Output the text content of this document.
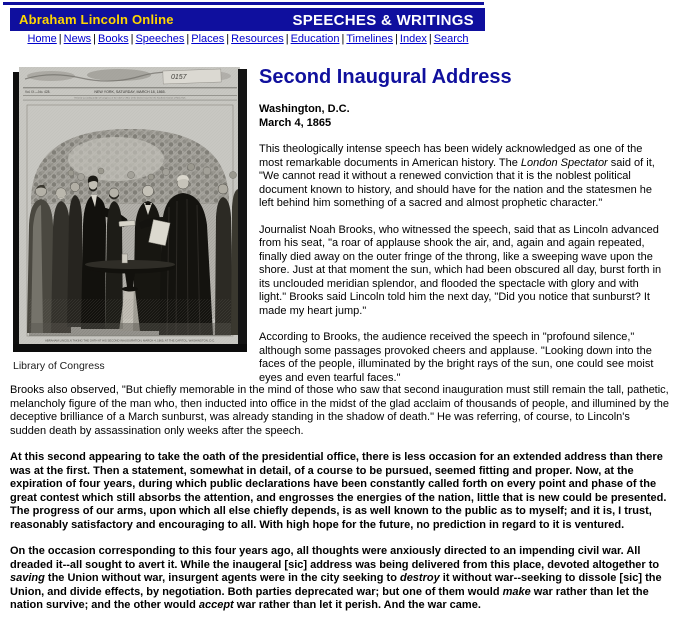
Abraham Lincoln Online	SPEECHES & WRITINGS
Home | News | Books | Speeches | Places | Resources | Education | Timelines | Index | Search
0157
Vol. IX.—No. 428.	NEW YORK, SATURDAY, MARCH 18, 1865.
Entered according to Act of Congress in the Clerk's Office of the District Court for the Southern District of New York
ABRAHAM LINCOLN TAKING THE OATH AT HIS SECOND INAUGURATION, MARCH 4, 1865, AT THE CAPITOL, WASHINGTON, D.C.
Library of Congress
Second Inaugural Address
Washington, D.C.
March 4, 1865

This theologically intense speech has been widely acknowledged as one of the most remarkable documents in American history. The London Spectator said of it, "We cannot read it without a renewed conviction that it is the noblest political document known to history, and should have for the nation and the statesmen he left behind him something of a sacred and almost prophetic character."

Journalist Noah Brooks, who witnessed the speech, said that as Lincoln advanced from his seat, "a roar of applause shook the air, and, again and again repeated, finally died away on the outer fringe of the throng, like a sweeping wave upon the shore. Just at that moment the sun, which had been obscured all day, burst forth in its unclouded meridian splendor, and flooded the spectacle with glory and with light." Brooks said Lincoln told him the next day, "Did you notice that sunburst? It made my heart jump."

According to Brooks, the audience received the speech in "profound silence," although some passages provoked cheers and applause. "Looking down into the faces of the people, illuminated by the bright rays of the sun, one could see moist eyes and even tearful faces."

Brooks also observed, "But chiefly memorable in the mind of those who saw that second inauguration must still remain the tall, pathetic, melancholy figure of the man who, then inducted into office in the midst of the glad acclaim of thousands of people, and illumined by the deceptive brilliance of a March sunburst, was already standing in the shadow of death." He was referring, of course, to Lincoln's sudden death by assassination only weeks after the speech.

At this second appearing to take the oath of the presidential office, there is less occasion for an extended address than there was at the first. Then a statement, somewhat in detail, of a course to be pursued, seemed fitting and proper. Now, at the expiration of four years, during which public declarations have been constantly called forth on every point and phase of the great contest which still absorbs the attention, and engrosses the energies of the nation, little that is new could be presented. The progress of our arms, upon which all else chiefly depends, is as well known to the public as to myself; and it is, I trust, reasonably satisfactory and encouraging to all. With high hope for the future, no prediction in regard to it is ventured.

On the occasion corresponding to this four years ago, all thoughts were anxiously directed to an impending civil war. All dreaded it--all sought to avert it. While the inaugeral [sic] address was being delivered from this place, devoted altogether to saving the Union without war, insurgent agents were in the city seeking to destroy it without war--seeking to dissole [sic] the Union, and divide effects, by negotiation. Both parties deprecated war; but one of them would make war rather than let the nation survive; and the other would accept war rather than let it perish. And the war came.
